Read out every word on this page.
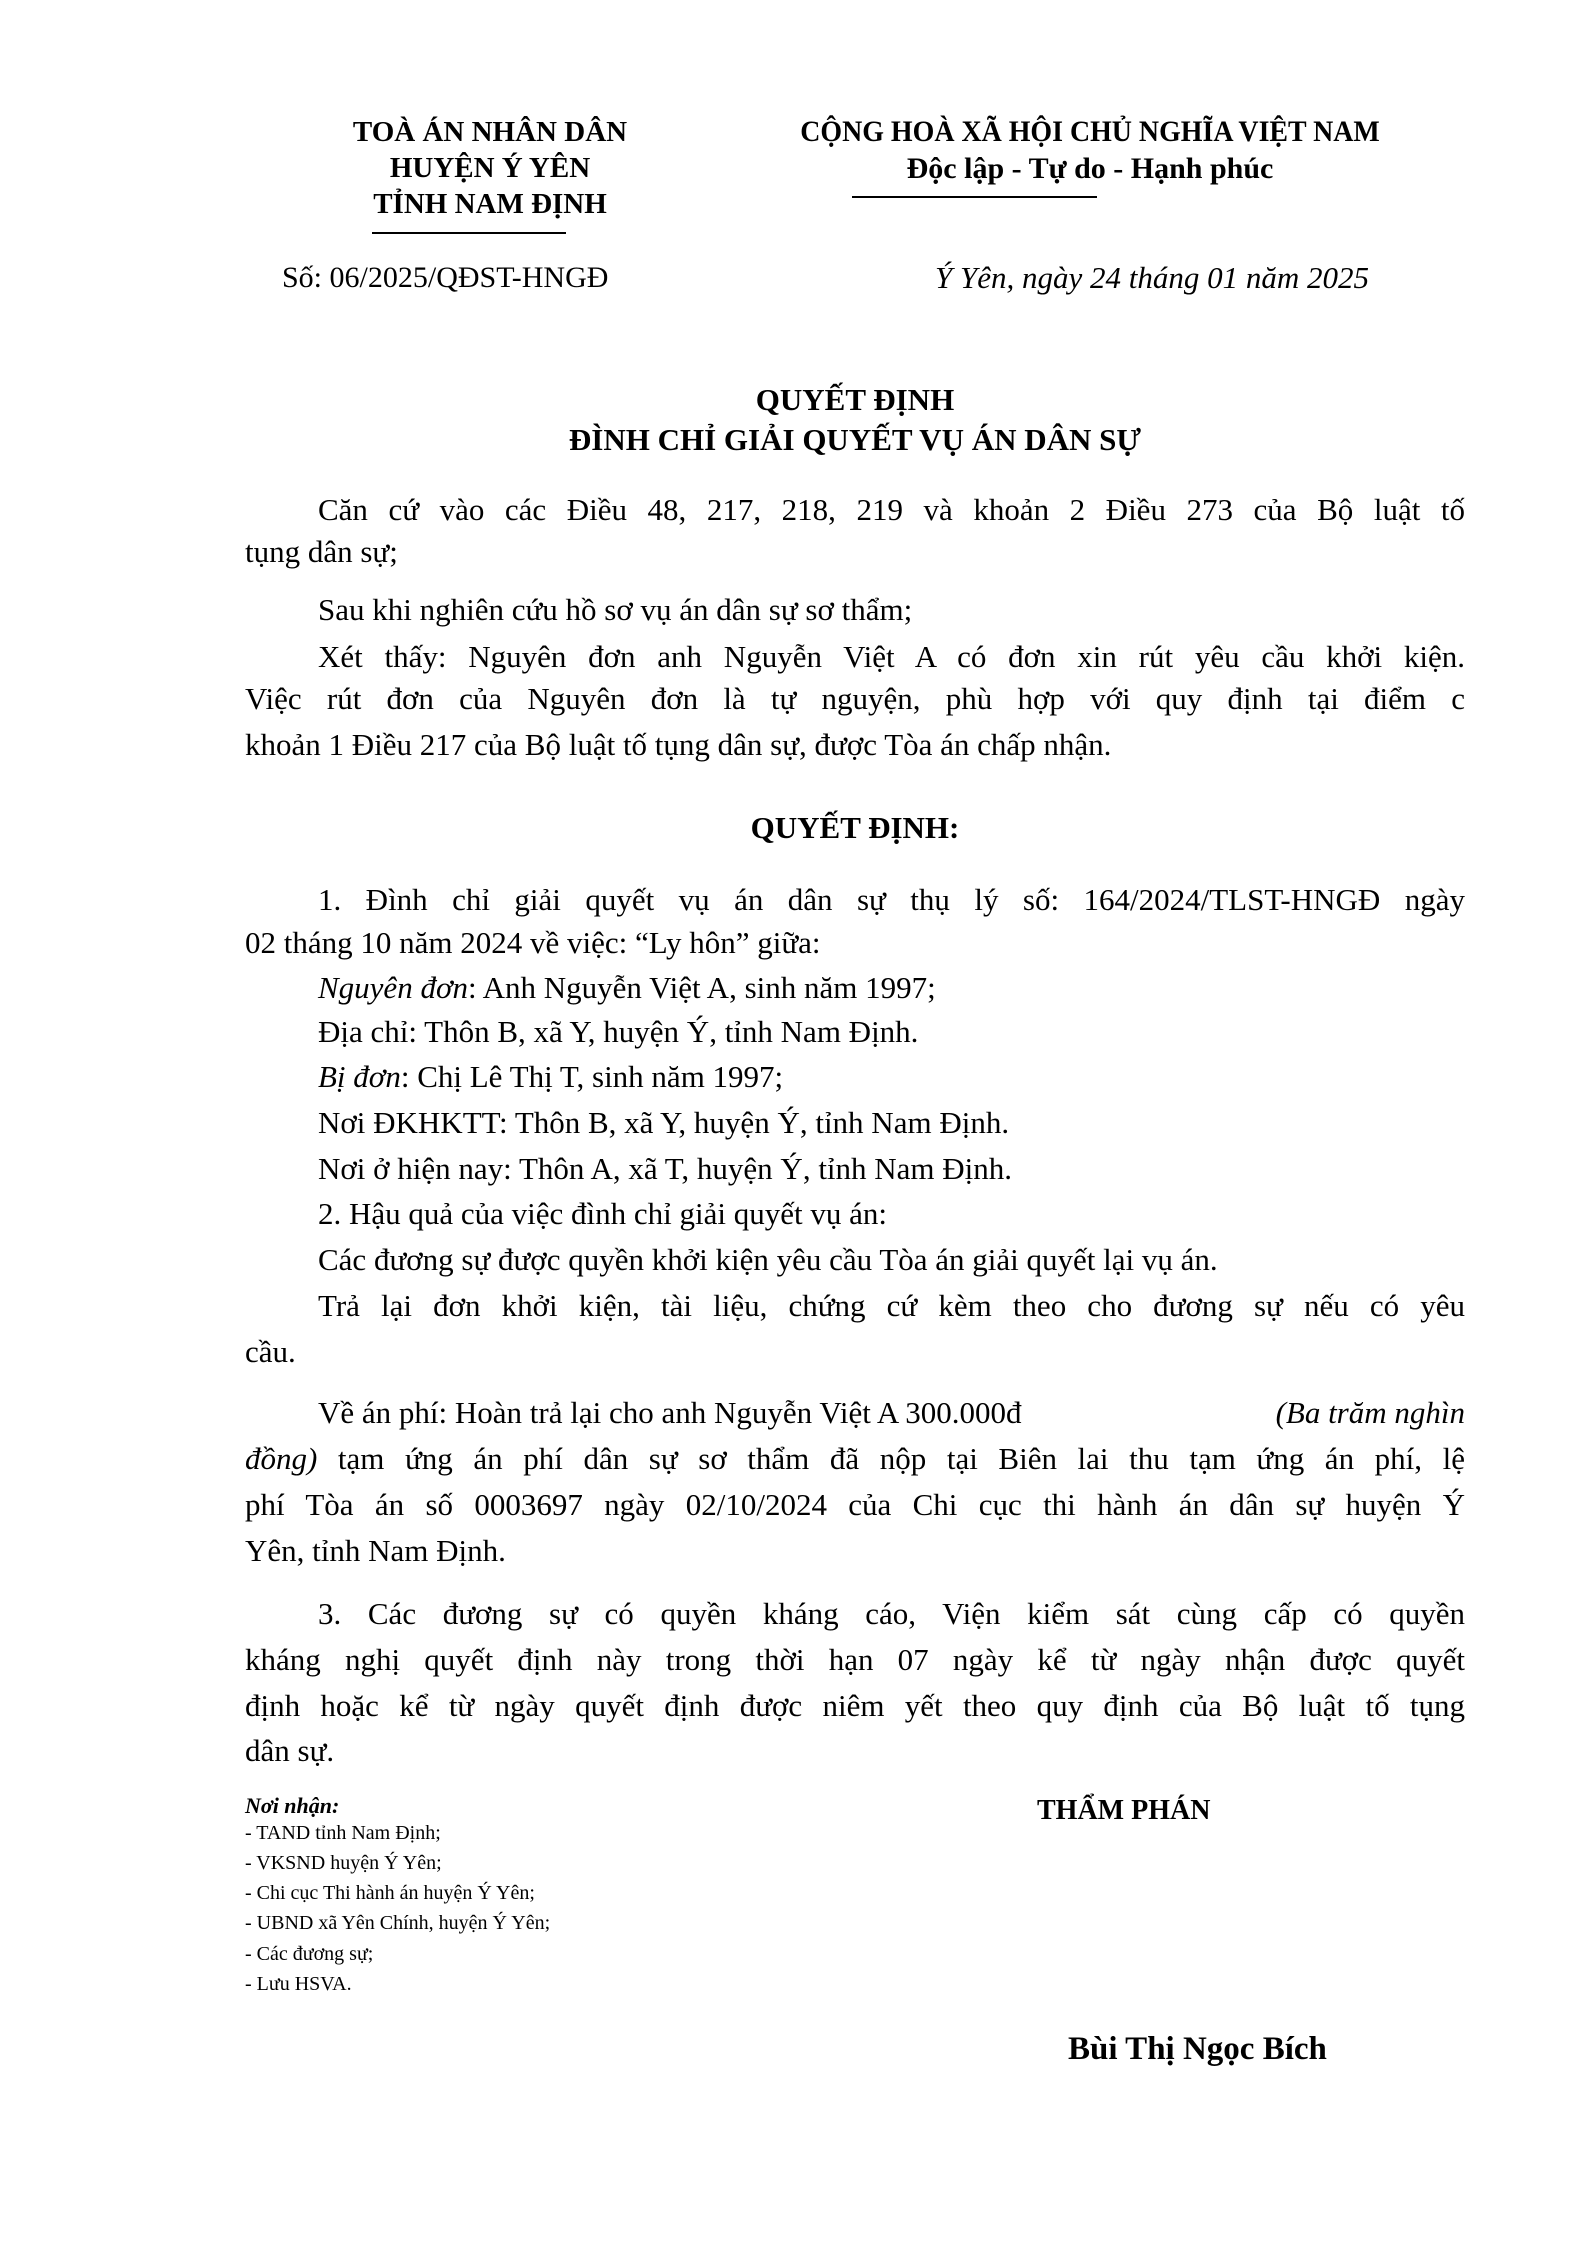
TOÀ ÁN NHÂN DÂN
HUYỆN Ý YÊN
TỈNH NAM ĐỊNH
CỘNG HOÀ XÃ HỘI CHỦ NGHĨA VIỆT NAM
Độc lập - Tự do - Hạnh phúc
Số: 06/2025/QĐST-HNGĐ	Ý Yên, ngày 24 tháng 01 năm 2025
QUYẾT ĐỊNH
ĐÌNH CHỈ GIẢI QUYẾT VỤ ÁN DÂN SỰ
Căn cứ vào các Điều 48, 217, 218, 219 và khoản 2 Điều 273 của Bộ luật tố
tụng dân sự;
Sau khi nghiên cứu hồ sơ vụ án dân sự sơ thẩm;
Xét thấy: Nguyên đơn anh Nguyễn Việt A có đơn xin rút yêu cầu khởi kiện.
Việc rút đơn của Nguyên đơn là tự nguyện, phù hợp với quy định tại điểm c
khoản 1 Điều 217 của Bộ luật tố tụng dân sự, được Tòa án chấp nhận.
QUYẾT ĐỊNH:
1. Đình chỉ giải quyết vụ án dân sự thụ lý số: 164/2024/TLST-HNGĐ ngày
02 tháng 10 năm 2024 về việc: “Ly hôn” giữa:
Nguyên đơn: Anh Nguyễn Việt A, sinh năm 1997;
Địa chỉ: Thôn B, xã Y, huyện Ý, tỉnh Nam Định.
Bị đơn: Chị Lê Thị T, sinh năm 1997;
Nơi ĐKHKTT: Thôn B, xã Y, huyện Ý, tỉnh Nam Định.
Nơi ở hiện nay: Thôn A, xã T, huyện Ý, tỉnh Nam Định.
2. Hậu quả của việc đình chỉ giải quyết vụ án:
Các đương sự được quyền khởi kiện yêu cầu Tòa án giải quyết lại vụ án.
Trả lại đơn khởi kiện, tài liệu, chứng cứ kèm theo cho đương sự nếu có yêu
cầu.
Về án phí: Hoàn trả lại cho anh Nguyễn Việt A 300.000đ	(Ba trăm nghìn
đồng) tạm ứng án phí dân sự sơ thẩm đã nộp tại Biên lai thu tạm ứng án phí, lệ
phí Tòa án số 0003697 ngày 02/10/2024 của Chi cục thi hành án dân sự huyện Ý
Yên, tỉnh Nam Định.
3. Các đương sự có quyền kháng cáo, Viện kiểm sát cùng cấp có quyền
kháng nghị quyết định này trong thời hạn 07 ngày kể từ ngày nhận được quyết
định hoặc kể từ ngày quyết định được niêm yết theo quy định của Bộ luật tố tụng
dân sự.
Nơi nhận:
- TAND tỉnh Nam Định;
- VKSND huyện Ý Yên;
- Chi cục Thi hành án huyện Ý Yên;
- UBND xã Yên Chính, huyện Ý Yên;
- Các đương sự;
- Lưu HSVA.
THẨM PHÁN
Bùi Thị Ngọc Bích
